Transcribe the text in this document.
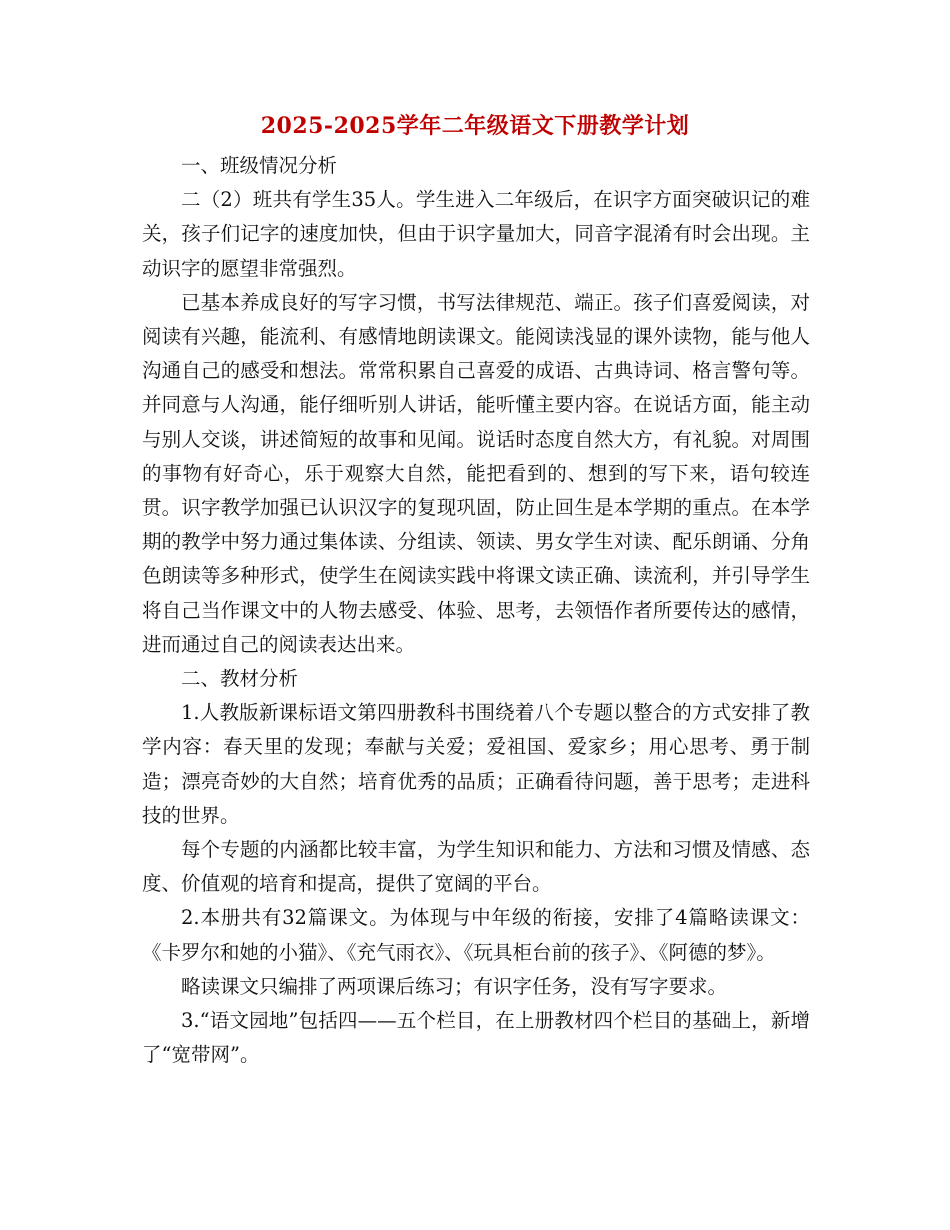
2025-2025学年二年级语文下册教学计划

一、班级情况分析

二（2）班共有学生35人。学生进入二年级后，在识字方面突破识记的难关，孩子们记字的速度加快，但由于识字量加大，同音字混淆有时会出现。主动识字的愿望非常强烈。

已基本养成良好的写字习惯，书写法律规范、端正。孩子们喜爱阅读，对阅读有兴趣，能流利、有感情地朗读课文。能阅读浅显的课外读物，能与他人沟通自己的感受和想法。常常积累自己喜爱的成语、古典诗词、格言警句等。并同意与人沟通，能仔细听别人讲话，能听懂主要内容。在说话方面，能主动与别人交谈，讲述简短的故事和见闻。说话时态度自然大方，有礼貌。对周围的事物有好奇心，乐于观察大自然，能把看到的、想到的写下来，语句较连贯。识字教学加强已认识汉字的复现巩固，防止回生是本学期的重点。在本学期的教学中努力通过集体读、分组读、领读、男女学生对读、配乐朗诵、分角色朗读等多种形式，使学生在阅读实践中将课文读正确、读流利，并引导学生将自己当作课文中的人物去感受、体验、思考，去领悟作者所要传达的感情，进而通过自己的阅读表达出来。

二、教材分析

1.人教版新课标语文第四册教科书围绕着八个专题以整合的方式安排了教学内容：春天里的发现；奉献与关爱；爱祖国、爱家乡；用心思考、勇于制造；漂亮奇妙的大自然；培育优秀的品质；正确看待问题，善于思考；走进科技的世界。

每个专题的内涵都比较丰富，为学生知识和能力、方法和习惯及情感、态度、价值观的培育和提高，提供了宽阔的平台。

2.本册共有32篇课文。为体现与中年级的衔接，安排了4篇略读课文：《卡罗尔和她的小猫》、《充气雨衣》、《玩具柜台前的孩子》、《阿德的梦》。

略读课文只编排了两项课后练习；有识字任务，没有写字要求。

3.“语文园地”包括四——五个栏目，在上册教材四个栏目的基础上，新增了“宽带网”。
